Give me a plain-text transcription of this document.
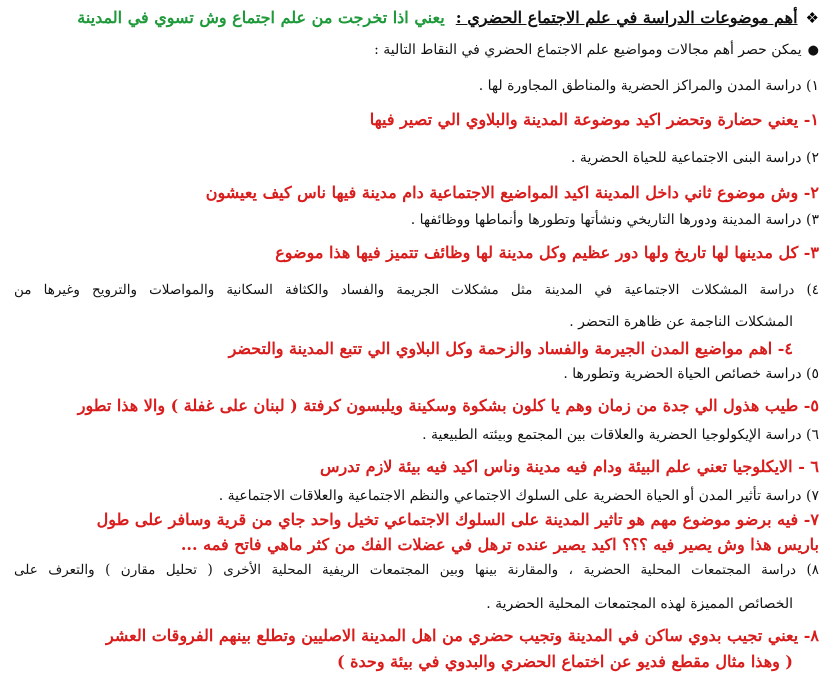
❖أهم موضوعات الدراسة في علم الاجتماع الحضري : يعني اذا تخرجت من علم اجتماع وش تسوي في المدينة
●يمكن حصر أهم مجالات ومواضيع علم الاجتماع الحضري في النقاط التالية :
١) دراسة المدن والمراكز الحضرية والمناطق المجاورة لها .
١- يعني حضارة وتحضر اكيد موضوعة المدينة والبلاوي الي تصير فيها
٢) دراسة البنى الاجتماعية للحياة الحضرية .
٢- وش موضوع ثاني داخل المدينة اكيد المواضيع الاجتماعية دام مدينة فيها ناس كيف يعيشون
٣) دراسة المدينة ودورها التاريخي ونشأتها وتطورها وأنماطها ووظائفها .
٣- كل مدينها لها تاريخ ولها دور عظيم وكل مدينة لها وظائف تتميز فيها هذا موضوع
٤) دراسة المشكلات الاجتماعية في المدينة مثل مشكلات الجريمة والفساد والكثافة السكانية والمواصلات والترويح وغيرها من
المشكلات الناجمة عن ظاهرة التحضر .
٤- اهم مواضيع المدن الجيرمة والفساد والزحمة وكل البلاوي الي تتبع المدينة والتحضر
٥) دراسة خصائص الحياة الحضرية وتطورها .
٥- طيب هذول الي جدة من زمان وهم يا كلون بشكوة وسكينة ويلبسون كرفتة ( لبنان على غفلة ) والا هذا تطور
٦) دراسة الإيكولوجيا الحضرية والعلاقات بين المجتمع وبيئته الطبيعية .
٦ - الايكلوجيا تعني علم البيئة ودام فيه مدينة وناس اكيد فيه بيئة لازم تدرس
٧) دراسة تأثير المدن أو الحياة الحضرية على السلوك الاجتماعي والنظم الاجتماعية والعلاقات الاجتماعية .
٧- فيه برضو موضوع مهم هو تاثير المدينة على السلوك الاجتماعي تخيل واحد جاي من قرية وسافر على طول
باريس هذا وش يصير فيه ؟؟؟ اكيد يصير عنده ترهل في عضلات الفك من كثر ماهي فاتح فمه ...
٨) دراسة المجتمعات المحلية الحضرية ، والمقارنة بينها وبين المجتمعات الريفية المحلية الأخرى ( تحليل مقارن ) والتعرف على
الخصائص المميزة لهذه المجتمعات المحلية الحضرية .
٨- يعني تجيب بدوي ساكن في المدينة وتجيب حضري من اهل المدينة الاصليين وتطلع بينهم الفروقات العشر
( وهذا مثال مقطع فديو عن اختماع الحضري والبدوي في بيئة وحدة )
